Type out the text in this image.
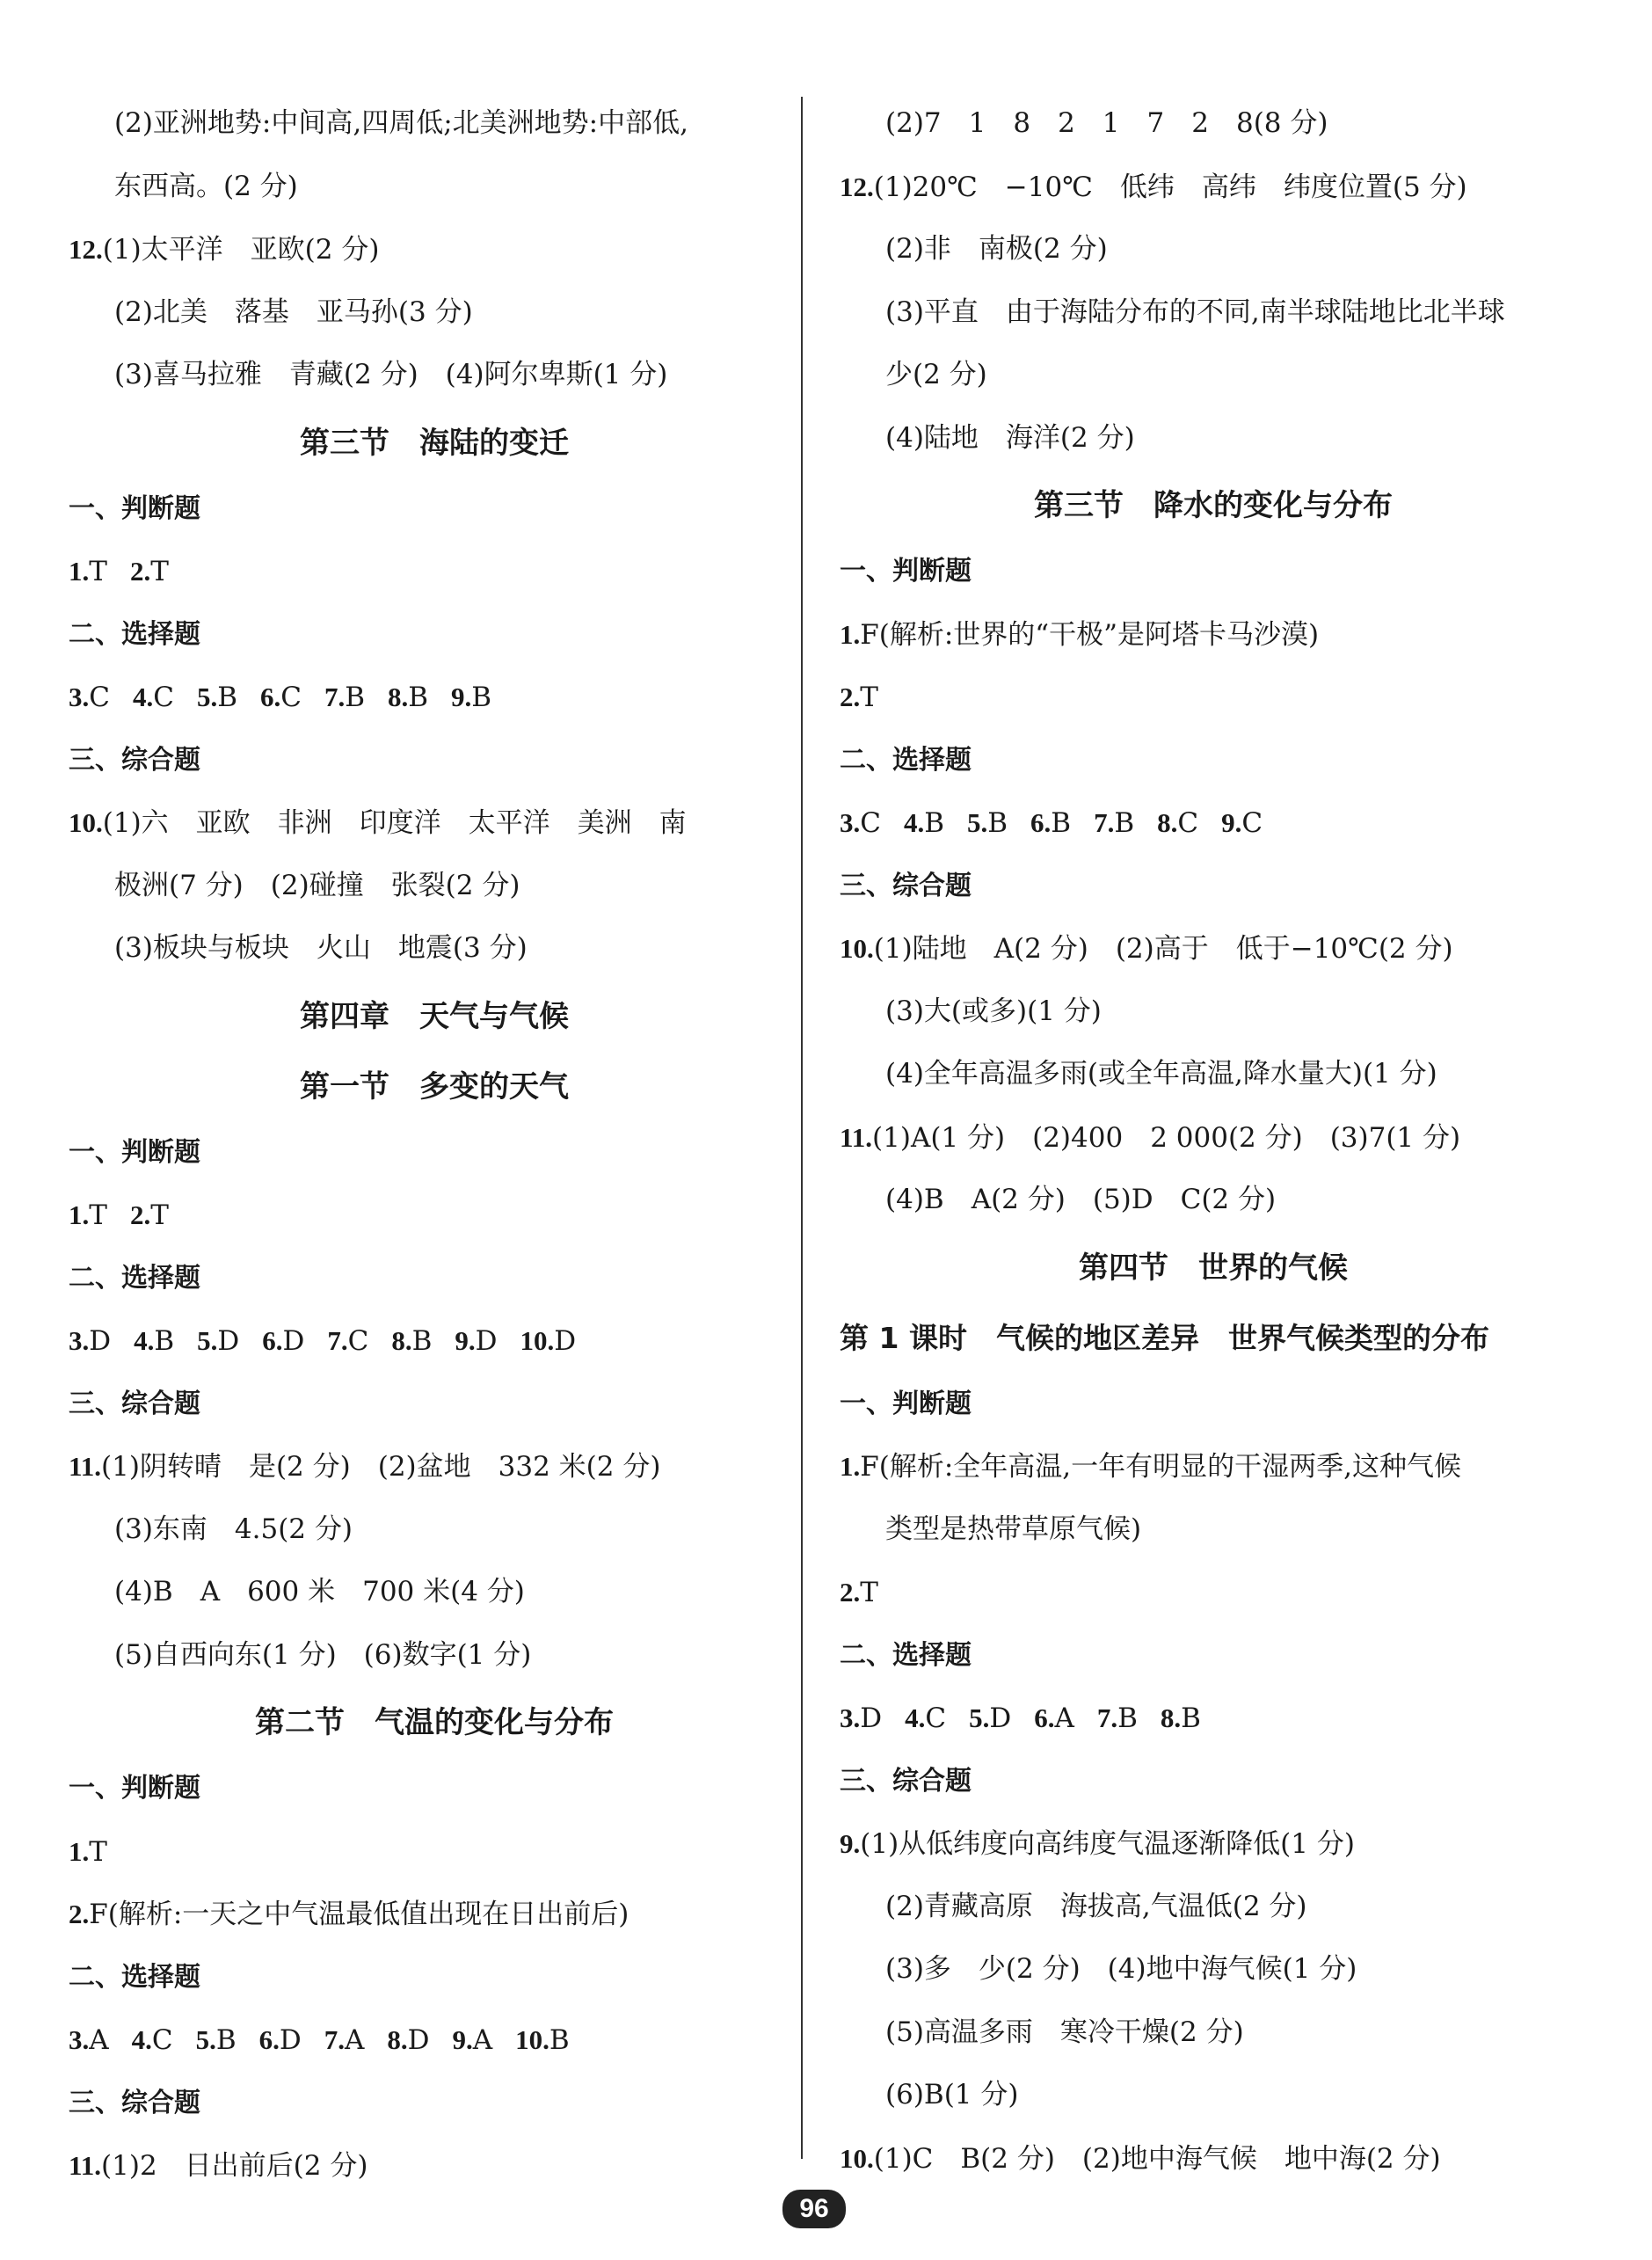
(2)亚洲地势:中间高,四周低;北美洲地势:中部低,
东西高。(2 分)
12.(1)太平洋　亚欧(2 分)
(2)北美　落基　亚马孙(3 分)
(3)喜马拉雅　青藏(2 分)　(4)阿尔卑斯(1 分)
第三节　海陆的变迁
一、判断题
1.T 2.T
二、选择题
3.C 4.C 5.B 6.C 7.B 8.B 9.B
三、综合题
10.(1)六　亚欧　非洲　印度洋　太平洋　美洲　南
极洲(7 分)　(2)碰撞　张裂(2 分)
(3)板块与板块　火山　地震(3 分)
第四章　天气与气候
第一节　多变的天气
一、判断题
1.T 2.T
二、选择题
3.D 4.B 5.D 6.D 7.C 8.B 9.D 10.D
三、综合题
11.(1)阴转晴　是(2 分)　(2)盆地　332 米(2 分)
(3)东南　4.5(2 分)
(4)B　A　600 米　700 米(4 分)
(5)自西向东(1 分)　(6)数字(1 分)
第二节　气温的变化与分布
一、判断题
1.T
2.F(解析:一天之中气温最低值出现在日出前后)
二、选择题
3.A 4.C 5.B 6.D 7.A 8.D 9.A 10.B
三、综合题
11.(1)2　日出前后(2 分)
(2)7　1　8　2　1　7　2　8(8 分)
12.(1)20℃　−10℃　低纬　高纬　纬度位置(5 分)
(2)非　南极(2 分)
(3)平直　由于海陆分布的不同,南半球陆地比北半球
少(2 分)
(4)陆地　海洋(2 分)
第三节　降水的变化与分布
一、判断题
1.F(解析:世界的“干极”是阿塔卡马沙漠)
2.T
二、选择题
3.C 4.B 5.B 6.B 7.B 8.C 9.C
三、综合题
10.(1)陆地　A(2 分)　(2)高于　低于−10℃(2 分)
(3)大(或多)(1 分)
(4)全年高温多雨(或全年高温,降水量大)(1 分)
11.(1)A(1 分)　(2)400　2 000(2 分)　(3)7(1 分)
(4)B　A(2 分)　(5)D　C(2 分)
第四节　世界的气候
第 1 课时　气候的地区差异　世界气候类型的分布
一、判断题
1.F(解析:全年高温,一年有明显的干湿两季,这种气候
类型是热带草原气候)
2.T
二、选择题
3.D 4.C 5.D 6.A 7.B 8.B
三、综合题
9.(1)从低纬度向高纬度气温逐渐降低(1 分)
(2)青藏高原　海拔高,气温低(2 分)
(3)多　少(2 分)　(4)地中海气候(1 分)
(5)高温多雨　寒冷干燥(2 分)
(6)B(1 分)
10.(1)C　B(2 分)　(2)地中海气候　地中海(2 分)
96
